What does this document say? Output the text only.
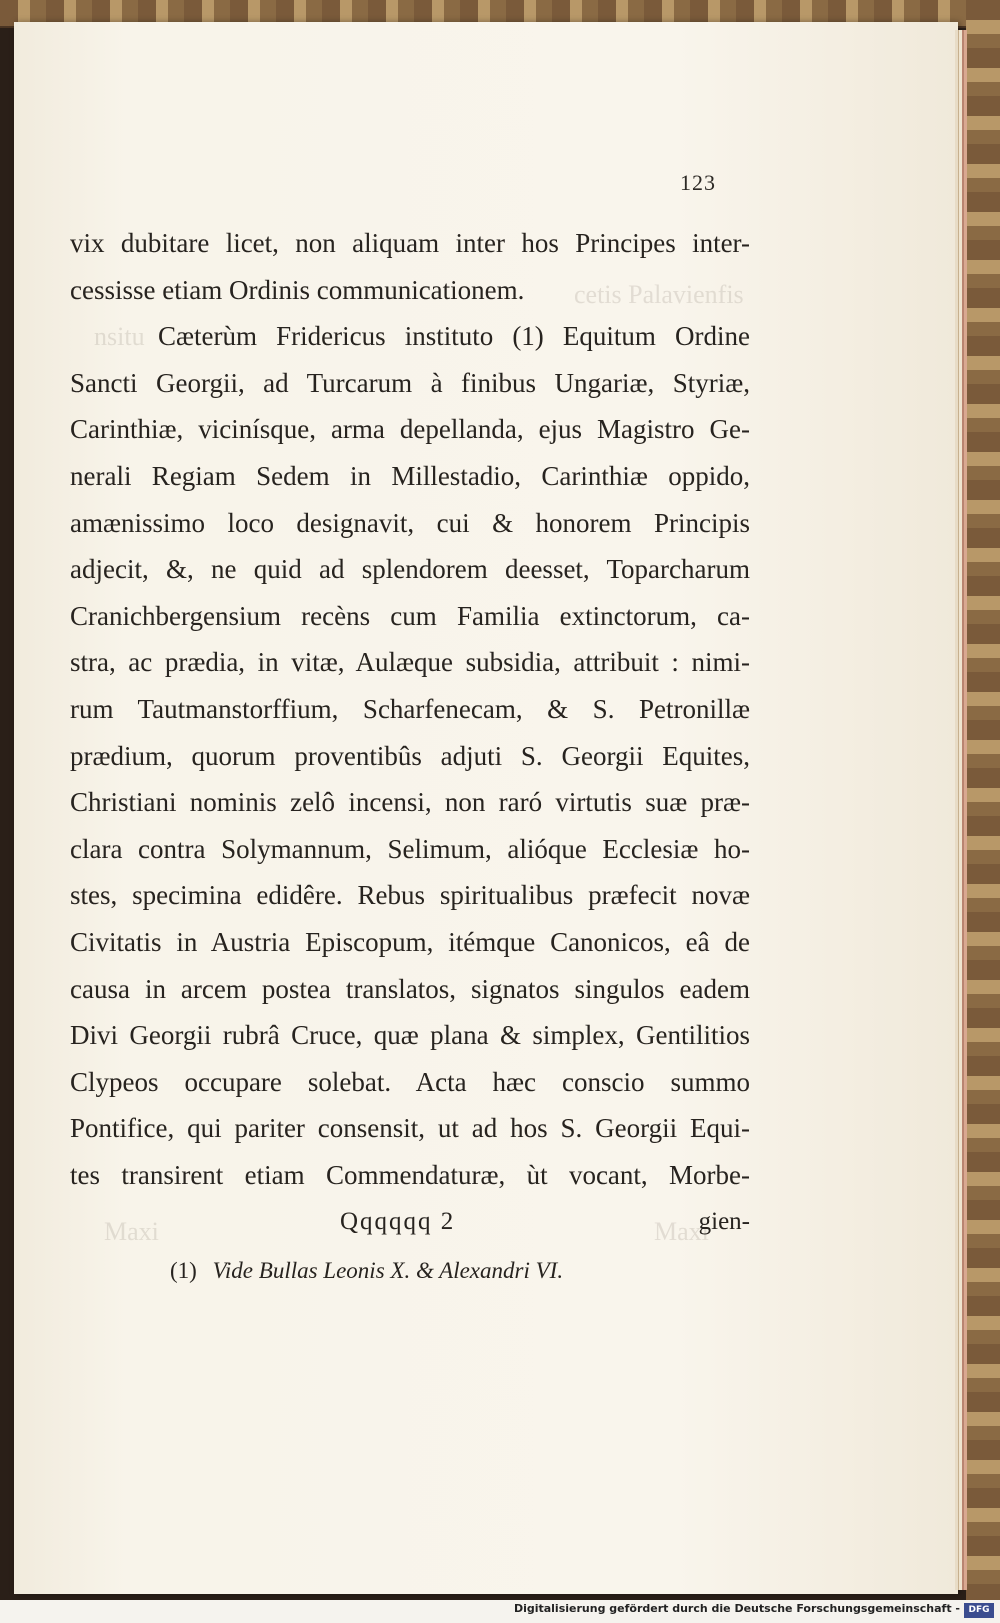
cetis Palavienfis
nsitu
Maxi	Maxi
123
vix dubitare licet, non aliquam inter hos Principes inter-
cessisse etiam Ordinis communicationem.
Cæterùm Fridericus instituto (1) Equitum Ordine
Sancti Georgii, ad Turcarum à finibus Ungariæ, Styriæ,
Carinthiæ, vicinísque, arma depellanda, ejus Magistro Ge-
nerali Regiam Sedem in Millestadio, Carinthiæ oppido,
amænissimo loco designavit, cui & honorem Principis
adjecit, &, ne quid ad splendorem deesset, Toparcharum
Cranichbergensium recèns cum Familia extinctorum, ca-
stra, ac prædia, in vitæ, Aulæque subsidia, attribuit : nimi-
rum Tautmanstorffium, Scharfenecam, & S. Petronillæ
prædium, quorum proventibûs adjuti S. Georgii Equites,
Christiani nominis zelô incensi, non raró virtutis suæ præ-
clara contra Solymannum, Selimum, alióque Ecclesiæ ho-
stes, specimina edidêre. Rebus spiritualibus præfecit novæ
Civitatis in Austria Episcopum, itémque Canonicos, eâ de
causa in arcem postea translatos, signatos singulos eadem
Divi Georgii rubrâ Cruce, quæ plana & simplex, Gentilitios
Clypeos occupare solebat. Acta hæc conscio summo
Pontifice, qui pariter consensit, ut ad hos S. Georgii Equi-
tes transirent etiam Commendaturæ, ùt vocant, Morbe-
Qqqqqq 2	gien-
(1) Vide Bullas Leonis X. & Alexandri VI.
Digitalisierung gefördert durch die Deutsche Forschungsgemeinschaft - DFG
